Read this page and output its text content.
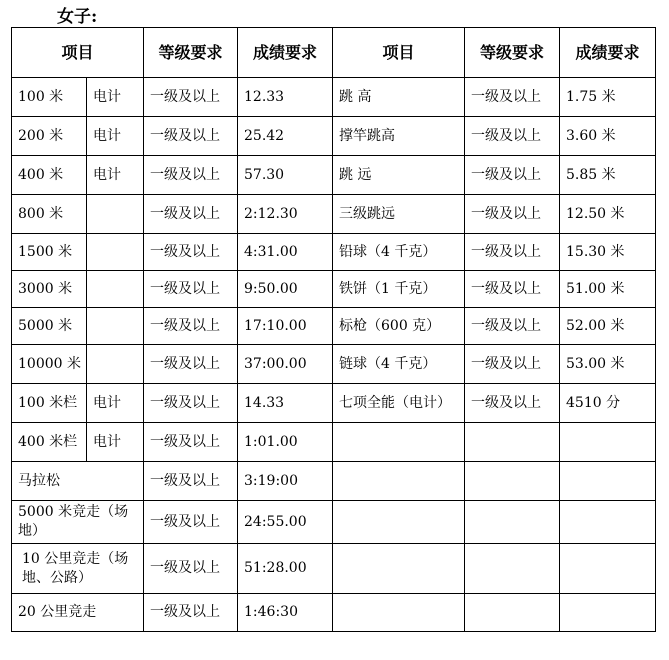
女子:
项目		等级要求	成绩要求	项目	等级要求	成绩要求
100 米	电计	一级及以上	12.33	跳 高	一级及以上	1.75 米
200 米	电计	一级及以上	25.42	撑竿跳高	一级及以上	3.60 米
400 米	电计	一级及以上	57.30	跳 远	一级及以上	5.85 米
800 米		一级及以上	2:12.30	三级跳远	一级及以上	12.50 米
1500 米		一级及以上	4:31.00	铅球（4 千克）	一级及以上	15.30 米
3000 米		一级及以上	9:50.00	铁饼（1 千克）	一级及以上	51.00 米
5000 米		一级及以上	17:10.00	标枪（600 克）	一级及以上	52.00 米
10000 米		一级及以上	37:00.00	链球（4 千克）	一级及以上	53.00 米
100 米栏	电计	一级及以上	14.33	七项全能（电计）	一级及以上	4510 分
400 米栏	电计	一级及以上	1:01.00			
马拉松		一级及以上	3:19:00			
5000 米竞走（场地）		一级及以上	24:55.00			
10 公里竞走（场地、公路）		一级及以上	51:28.00			
20 公里竞走		一级及以上	1:46:30			
